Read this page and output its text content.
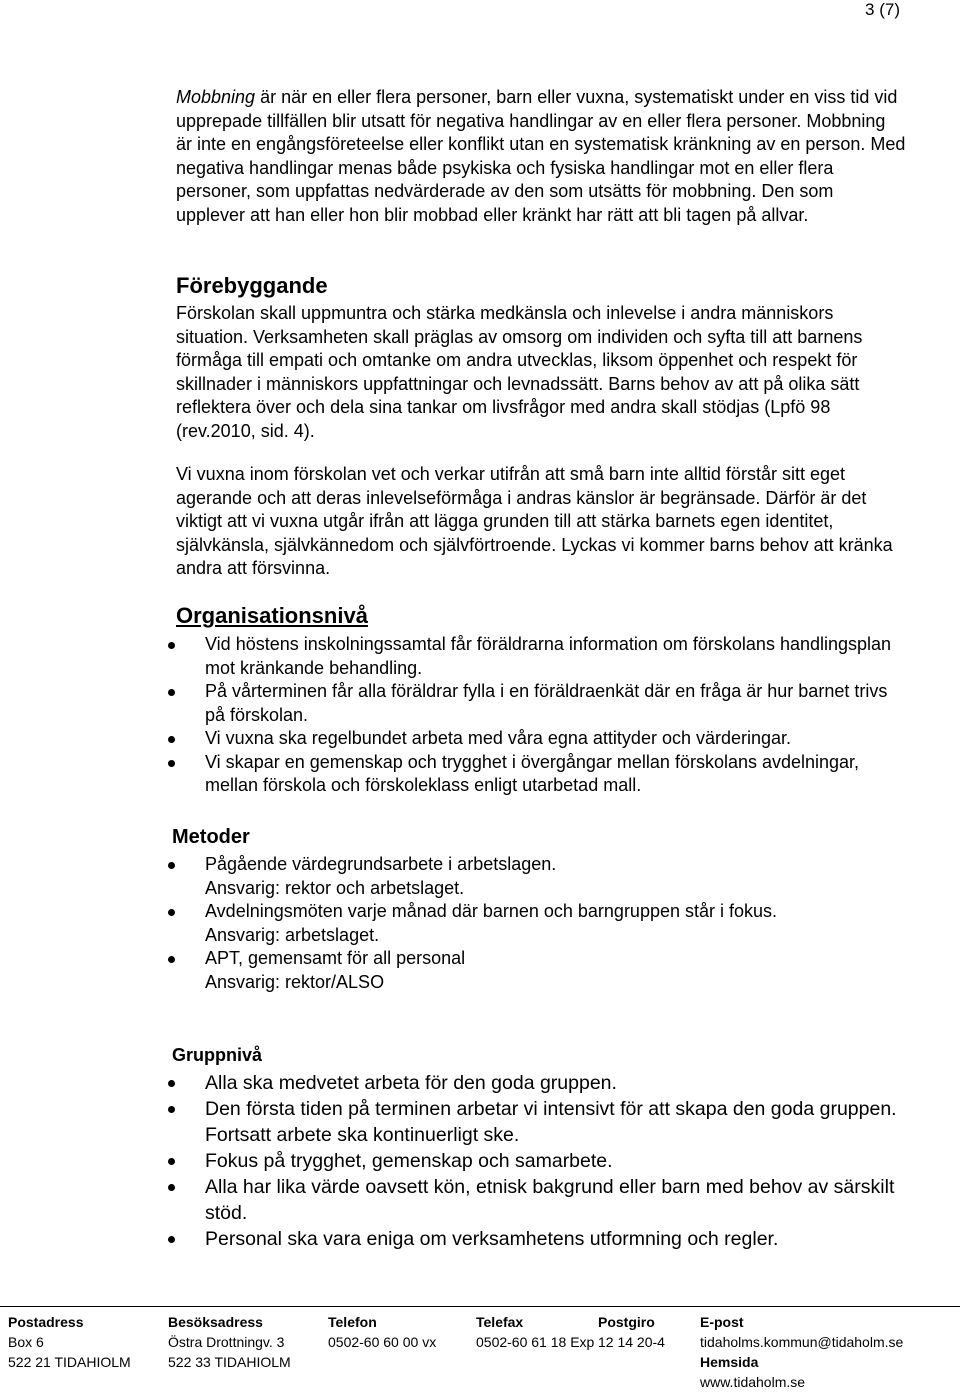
3 (7)

Mobbning är när en eller flera personer, barn eller vuxna, systematiskt under en viss tid vid upprepade tillfällen blir utsatt för negativa handlingar av en eller flera personer. Mobbning är inte en engångsföreteelse eller konflikt utan en systematisk kränkning av en person. Med negativa handlingar menas både psykiska och fysiska handlingar mot en eller flera personer, som uppfattas nedvärderade av den som utsätts för mobbning. Den som upplever att han eller hon blir mobbad eller kränkt har rätt att bli tagen på allvar.

Förebyggande

Förskolan skall uppmuntra och stärka medkänsla och inlevelse i andra människors situation. Verksamheten skall präglas av omsorg om individen och syfta till att barnens förmåga till empati och omtanke om andra utvecklas, liksom öppenhet och respekt för skillnader i människors uppfattningar och levnadssätt. Barns behov av att på olika sätt reflektera över och dela sina tankar om livsfrågor med andra skall stödjas (Lpfö 98 (rev.2010, sid. 4).

Vi vuxna inom förskolan vet och verkar utifrån att små barn inte alltid förstår sitt eget agerande och att deras inlevelseförmåga i andras känslor är begränsade. Därför är det viktigt att vi vuxna utgår ifrån att lägga grunden till att stärka barnets egen identitet, självkänsla, självkännedom och självförtroende. Lyckas vi kommer barns behov att kränka andra att försvinna.

Organisationsnivå
Vid höstens inskolningssamtal får föräldrarna information om förskolans handlingsplan mot kränkande behandling.
På vårterminen får alla föräldrar fylla i en föräldraenkät där en fråga är hur barnet trivs på förskolan.
Vi vuxna ska regelbundet arbeta med våra egna attityder och värderingar.
Vi skapar en gemenskap och trygghet i övergångar mellan förskolans avdelningar, mellan förskola och förskoleklass enligt utarbetad mall.
Metoder
Pågående värdegrundsarbete i arbetslagen.
Ansvarig: rektor och arbetslaget.
Avdelningsmöten varje månad där barnen och barngruppen står i fokus.
Ansvarig: arbetslaget.
APT, gemensamt för all personal
Ansvarig: rektor/ALSO
Gruppnivå
Alla ska medvetet arbeta för den goda gruppen.
Den första tiden på terminen arbetar vi intensivt för att skapa den goda gruppen. Fortsatt arbete ska kontinuerligt ske.
Fokus på trygghet, gemenskap och samarbete.
Alla har lika värde oavsett kön, etnisk bakgrund eller barn med behov av särskilt stöd.
Personal ska vara eniga om verksamhetens utformning och regler.
Postadress
Box 6
522 21 TIDAHIOLM
Besöksadress
Östra Drottningv. 3
522 33 TIDAHIOLM
Telefon
0502-60 60 00 vx
Telefax
0502-60 61 18 Exp
Postgiro
12 14 20-4
E-post
tidaholms.kommun@tidaholm.se
Hemsida
www.tidaholm.se
